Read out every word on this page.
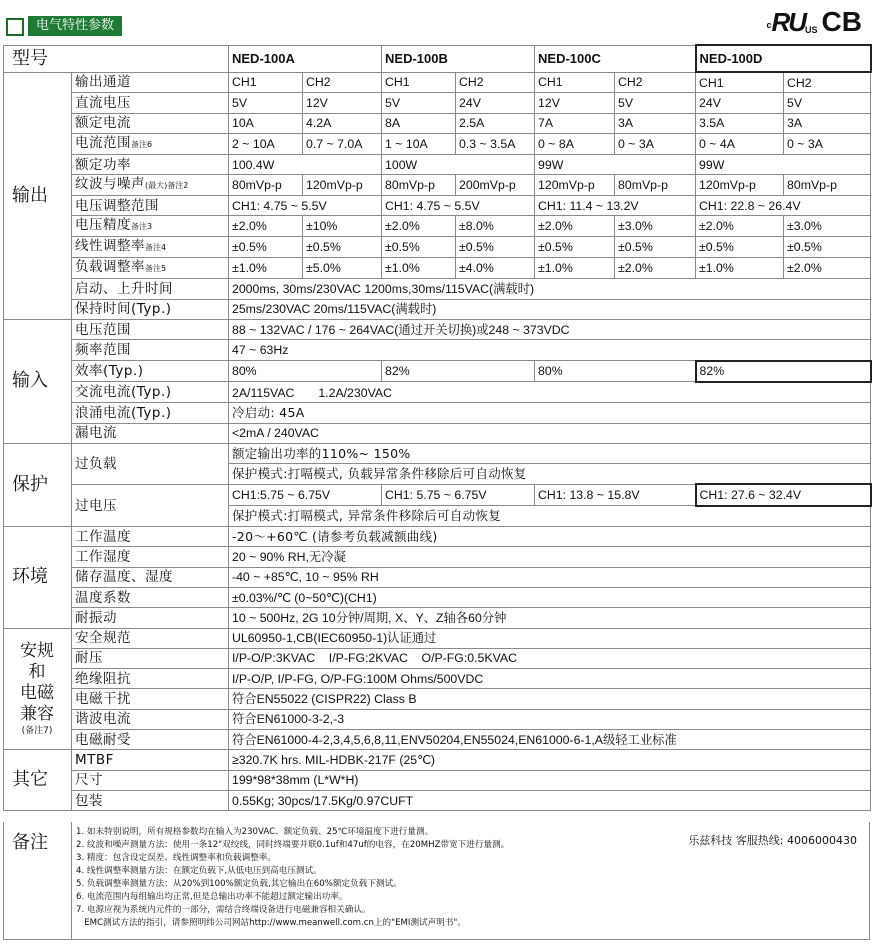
电气特性参数	cRUUS CB
型号		NED-100A		NED-100B		NED-100C		NED-100D	
输出	输出通道	CH1	CH2	CH1	CH2	CH1	CH2	CH1	CH2
	直流电压	5V	12V	5V	24V	12V	5V	24V	5V
	额定电流	10A	4.2A	8A	2.5A	7A	3A	3.5A	3A
	电流范围备注6	2 ~ 10A	0.7 ~ 7.0A	1 ~ 10A	0.3 ~ 3.5A	0 ~ 8A	0 ~ 3A	0 ~ 4A	0 ~ 3A
	额定功率	100.4W		100W		99W		99W	
	纹波与噪声(最大)备注2	80mVp-p	120mVp-p	80mVp-p	200mVp-p	120mVp-p	80mVp-p	120mVp-p	80mVp-p
	电压调整范围	CH1: 4.75 ~ 5.5V		CH1: 4.75 ~ 5.5V		CH1: 11.4 ~ 13.2V		CH1: 22.8 ~ 26.4V	
	电压精度备注3	±2.0%	±10%	±2.0%	±8.0%	±2.0%	±3.0%	±2.0%	±3.0%
	线性调整率备注4	±0.5%	±0.5%	±0.5%	±0.5%	±0.5%	±0.5%	±0.5%	±0.5%
	负载调整率备注5	±1.0%	±5.0%	±1.0%	±4.0%	±1.0%	±2.0%	±1.0%	±2.0%
	启动、上升时间	2000ms, 30ms/230VAC 1200ms,30ms/115VAC(满载时)							
	保持时间(Typ.)	25ms/230VAC 20ms/115VAC(满载时)							
输入	电压范围	88 ~ 132VAC / 176 ~ 264VAC(通过开关切换)或248 ~ 373VDC							
	频率范围	47 ~ 63Hz							
	效率(Typ.)	80%		82%		80%		82%	
	交流电流(Typ.)	2A/115VAC       1.2A/230VAC							
	浪涌电流(Typ.)	冷启动: 45A							
	漏电流	<2mA / 240VAC							
保护	过负载	额定输出功率的110%~ 150%							
		保护模式:打嗝模式, 负载异常条件移除后可自动恢复							
	过电压	CH1:5.75 ~ 6.75V		CH1: 5.75 ~ 6.75V		CH1: 13.8 ~ 15.8V		CH1: 27.6 ~ 32.4V	
		保护模式:打嗝模式, 异常条件移除后可自动恢复							
环境	工作温度	-20～+60℃ (请参考负载减额曲线)							
	工作湿度	20 ~ 90% RH,无冷凝							
	储存温度、湿度	-40 ~ +85℃, 10 ~ 95% RH							
	温度系数	±0.03%/℃ (0~50℃)(CH1)							
	耐振动	10 ~ 500Hz, 2G 10分钟/周期, X、Y、Z轴各60分钟							

安规
和
电磁
兼容
(备注7)	安全规范	UL60950-1,CB(IEC60950-1)认证通过							
	耐压	I/P-O/P:3KVAC    I/P-FG:2KVAC    O/P-FG:0.5KVAC							
	绝缘阻抗	I/P-O/P, I/P-FG, O/P-FG:100M Ohms/500VDC							
	电磁干扰	符合EN55022 (CISPR22) Class B							
	谐波电流	符合EN61000-3-2,-3							
	电磁耐受	符合EN61000-4-2,3,4,5,6,8,11,ENV50204,EN55024,EN61000-6-1,A级轻工业标准							
其它	MTBF	≥320.7K hrs. MIL-HDBK-217F (25℃)							
	尺寸	199*98*38mm (L*W*H)							
	包装	0.55Kg; 30pcs/17.5Kg/0.97CUFT							
备注	1. 如未特别说明，所有规格参数均在输入为230VAC、额定负载、25℃环境温度下进行量测。
2. 纹波和噪声测量方法：使用一条12"双绞线，同时终端要并联0.1uf和47uf的电容，在20MHZ带宽下进行量测。
3. 精度：包含设定误差、线性调整率和负载调整率。
4. 线性调整率测量方法：在额定负载下,从低电压到高电压测试。
5. 负载调整率测量方法：从20%到100%额定负载,其它输出在60%额定负载下测试。
6. 电流范围内每组输出均正常,但是总输出功率不能超过额定输出功率。
7. 电源应视为系统内元件的一部分，需结合终端设备进行电磁兼容相关确认。
EMC测试方法的指引，请参照明纬公司网站http://www.meanwell.com.cn上的"EMI测试声明书"。
乐兹科技 客服热线: 4006000430
